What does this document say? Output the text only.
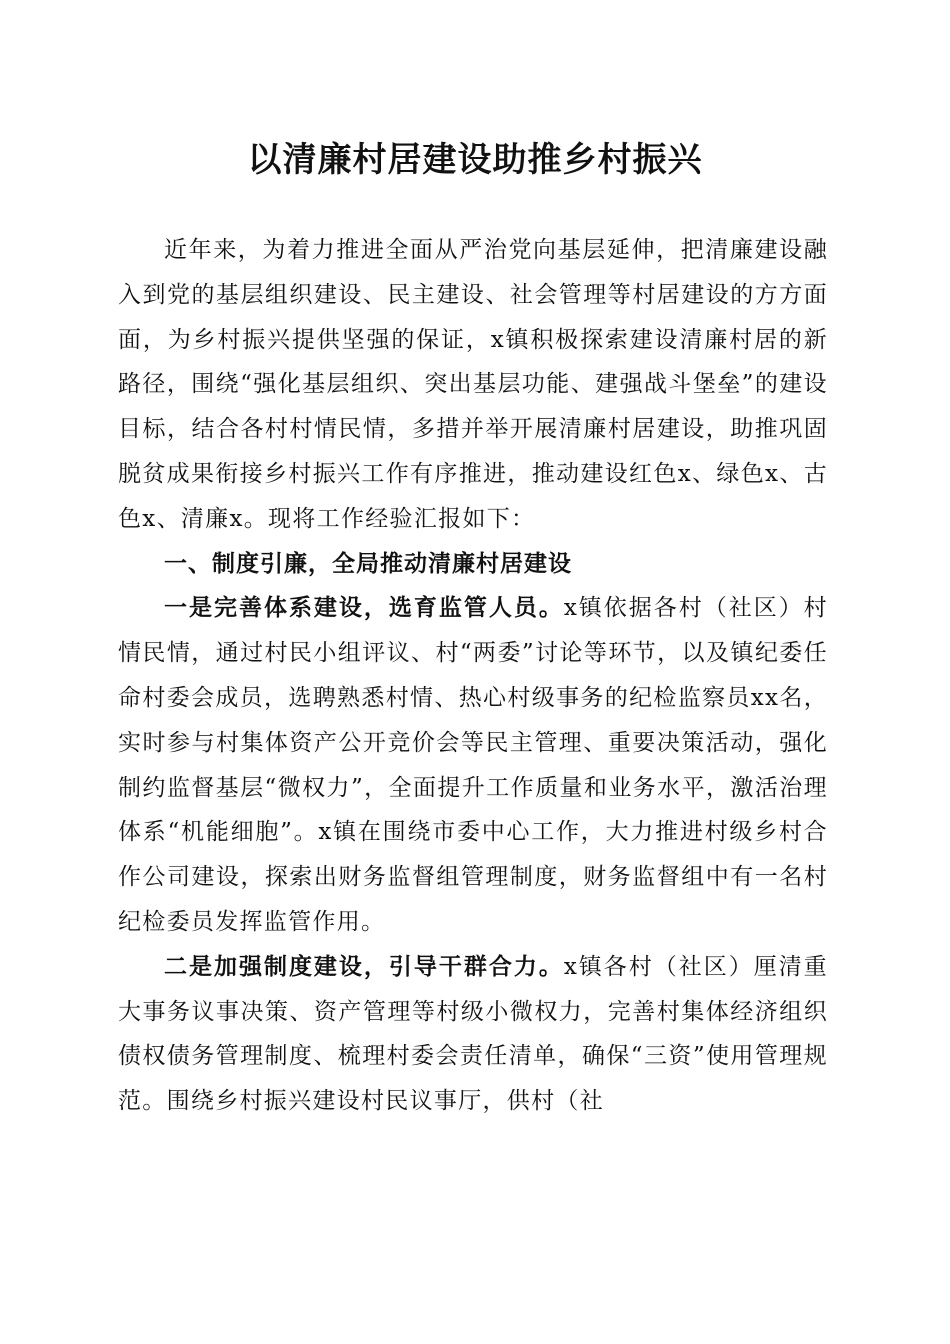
以清廉村居建设助推乡村振兴

近年来，为着力推进全面从严治党向基层延伸，把清廉建设融入到党的基层组织建设、民主建设、社会管理等村居建设的方方面面，为乡村振兴提供坚强的保证，x镇积极探索建设清廉村居的新路径，围绕“强化基层组织、突出基层功能、建强战斗堡垒”的建设目标，结合各村村情民情，多措并举开展清廉村居建设，助推巩固脱贫成果衔接乡村振兴工作有序推进，推动建设红色x、绿色x、古色x、清廉x。现将工作经验汇报如下：

一、制度引廉，全局推动清廉村居建设

一是完善体系建设，选育监管人员。x镇依据各村（社区）村情民情，通过村民小组评议、村“两委”讨论等环节，以及镇纪委任命村委会成员，选聘熟悉村情、热心村级事务的纪检监察员xx名，实时参与村集体资产公开竞价会等民主管理、重要决策活动，强化制约监督基层“微权力”，全面提升工作质量和业务水平，激活治理体系“机能细胞”。x镇在围绕市委中心工作，大力推进村级乡村合作公司建设，探索出财务监督组管理制度，财务监督组中有一名村纪检委员发挥监管作用。

二是加强制度建设，引导干群合力。x镇各村（社区）厘清重大事务议事决策、资产管理等村级小微权力，完善村集体经济组织债权债务管理制度、梳理村委会责任清单，确保“三资”使用管理规范。围绕乡村振兴建设村民议事厅，供村（社
